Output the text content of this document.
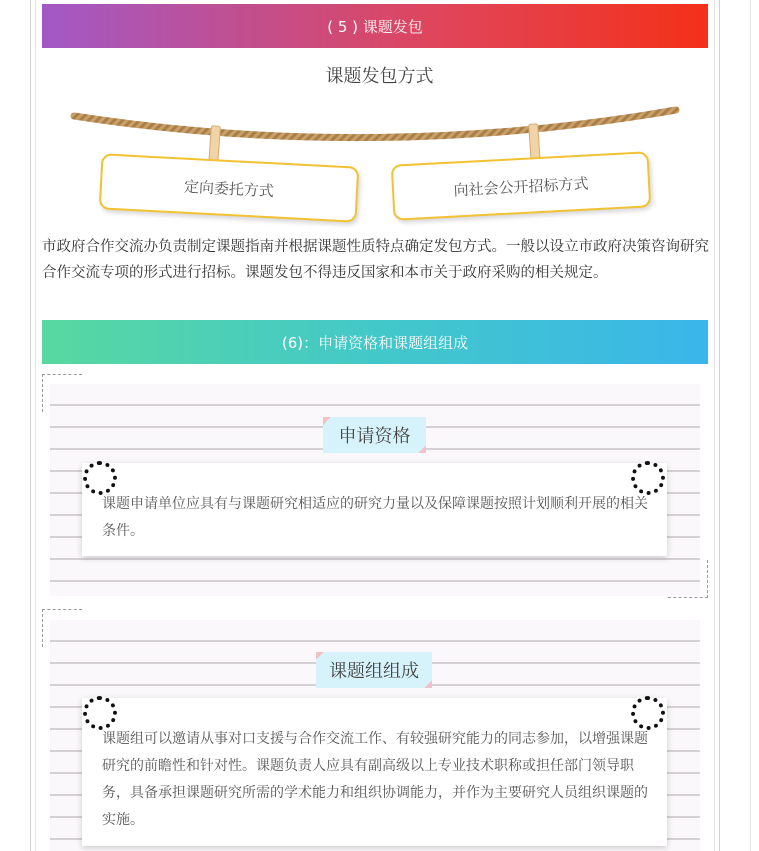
( 5 ) 课题发包
课题发包方式
定向委托方式	向社会公开招标方式

市政府合作交流办负责制定课题指南并根据课题性质特点确定发包方式。一般以设立市政府决策咨询研究合作交流专项的形式进行招标。课题发包不得违反国家和本市关于政府采购的相关规定。

(6)：申请资格和课题组组成
申请资格

课题申请单位应具有与课题研究相适应的研究力量以及保障课题按照计划顺利开展的相关条件。

课题组组成

课题组可以邀请从事对口支援与合作交流工作、有较强研究能力的同志参加，以增强课题研究的前瞻性和针对性。课题负责人应具有副高级以上专业技术职称或担任部门领导职务，具备承担课题研究所需的学术能力和组织协调能力，并作为主要研究人员组织课题的实施。
